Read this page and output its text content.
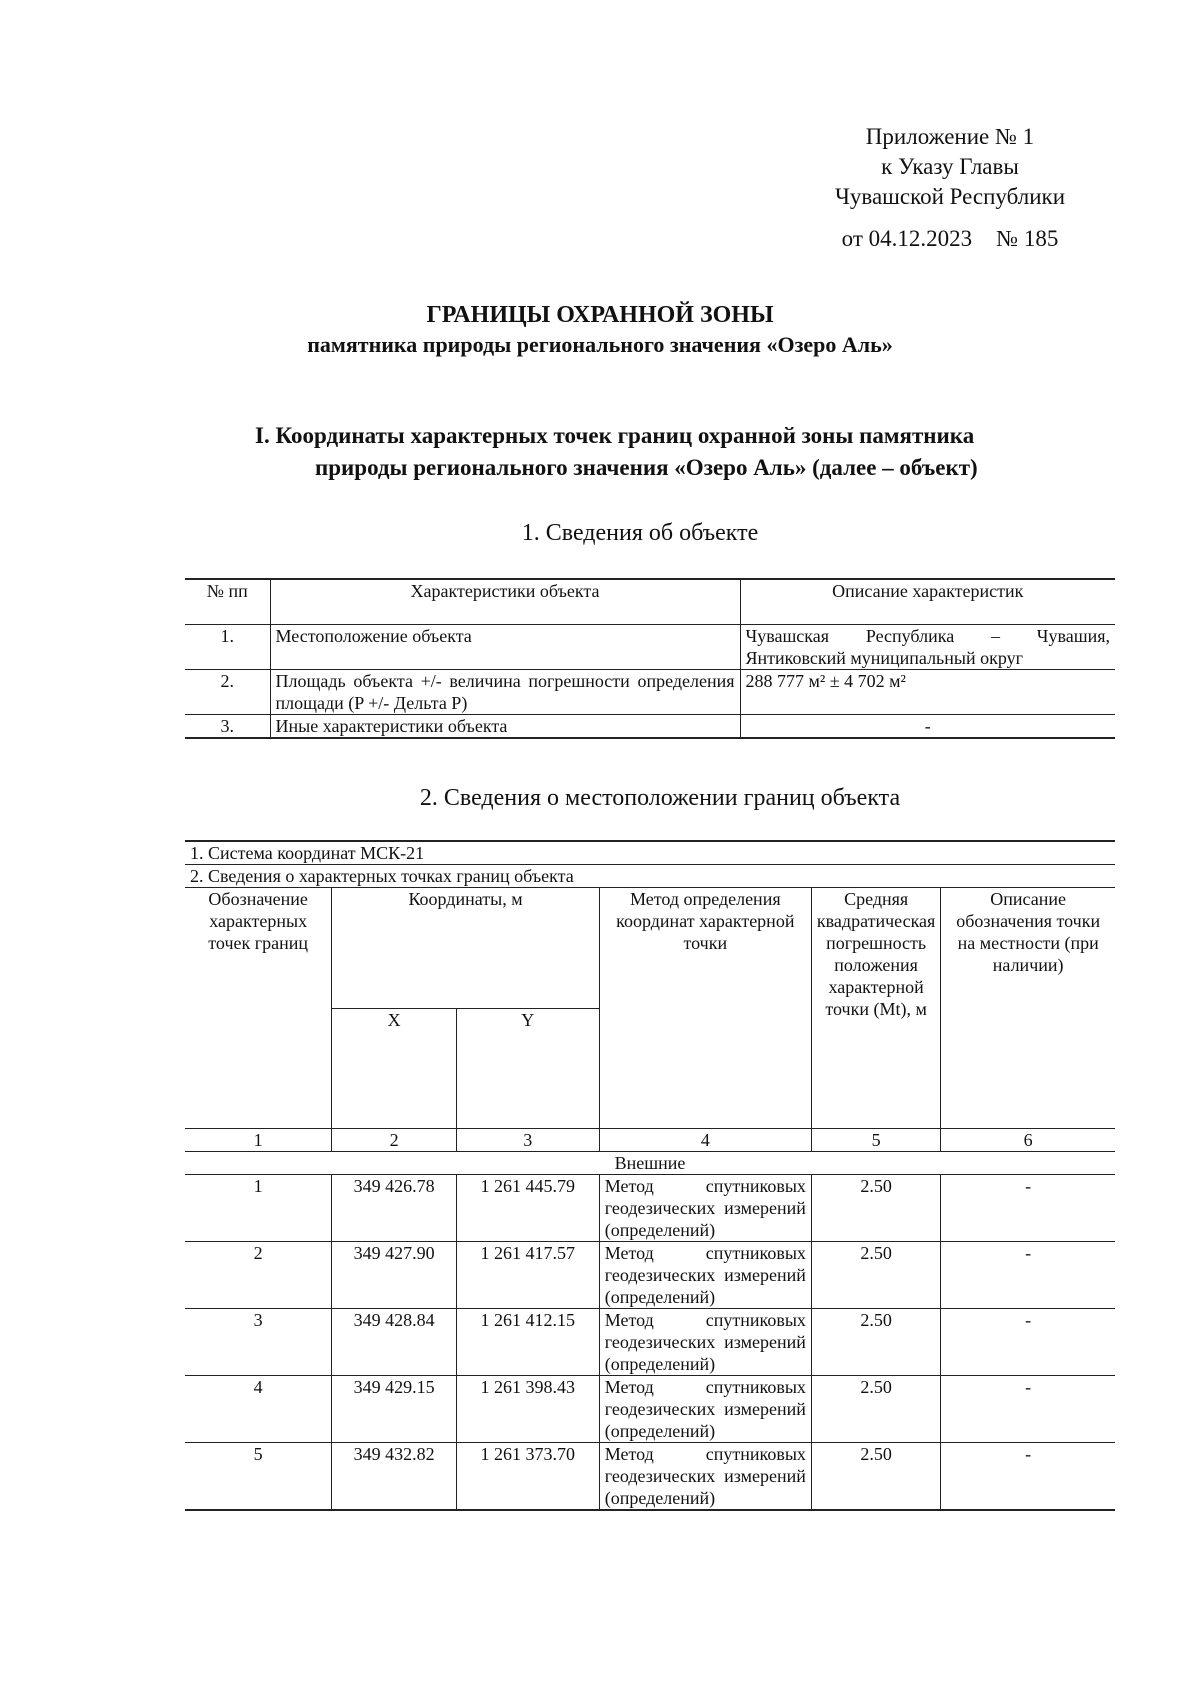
Приложение № 1
к Указу Главы
Чувашской Республики
от 04.12.2023 № 185
ГРАНИЦЫ ОХРАННОЙ ЗОНЫ
памятника природы регионального значения «Озеро Аль»
I. Координаты характерных точек границ охранной зоны памятника
природы регионального значения «Озеро Аль» (далее – объект)
1. Сведения об объекте
№ пп	Характеристики объекта	Описание характеристик
1.	Местоположение объекта	Чувашская Республика – Чувашия, Янтиковский муниципальный округ
2.	Площадь объекта +/- величина погрешности определения площади (P +/- Дельта P)	288 777 м² ± 4 702 м²
3.	Иные характеристики объекта	-
2. Сведения о местоположении границ объекта
1. Система координат МСК-21					
2. Сведения о характерных точках границ объекта					
Обозначение характерных точек границ	Координаты, м		Метод определения координат характерной точки	Средняя квадратическая погрешность положения характерной точки (Mt), м	Описание обозначения точки на местности (при наличии)
	X	Y			
1	2	3	4	5	6
Внешние					
1	349 426.78	1 261 445.79	Метод спутниковых геодезических измерений (определений)	2.50	-
2	349 427.90	1 261 417.57	Метод спутниковых геодезических измерений (определений)	2.50	-
3	349 428.84	1 261 412.15	Метод спутниковых геодезических измерений (определений)	2.50	-
4	349 429.15	1 261 398.43	Метод спутниковых геодезических измерений (определений)	2.50	-
5	349 432.82	1 261 373.70	Метод спутниковых геодезических измерений (определений)	2.50	-
